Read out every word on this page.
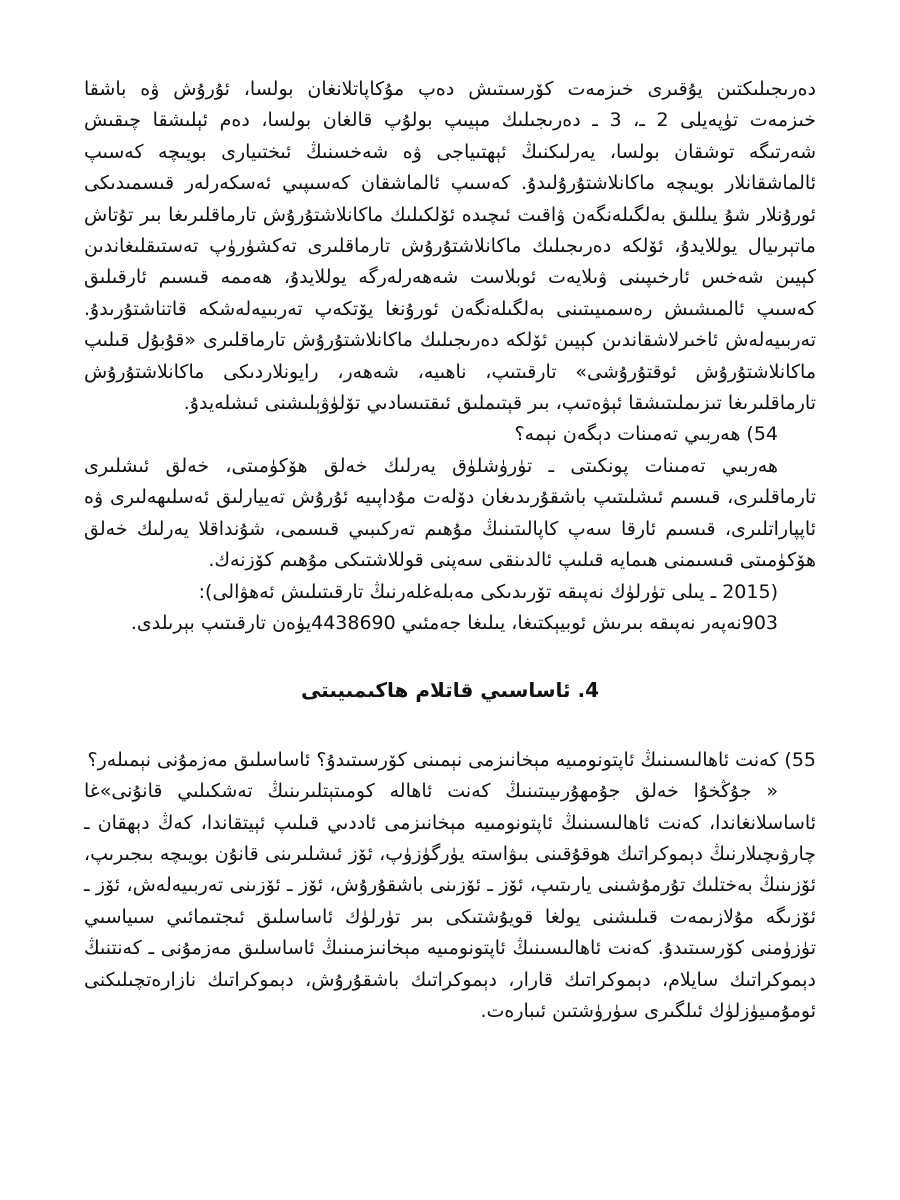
دەرىجىلىكتىن يۇقىرى خىزمەت كۆرسىتىش دەپ مۇكاپاتلانغان بولسا، ئۇرۇش ۋە باشقا خىزمەت تۈپەيلى 2 ـ، 3 ـ دەرىجىلىك مېيىپ بولۇپ قالغان بولسا، دەم ئېلىشقا چىقىش شەرتىگە توشقان بولسا، يەرلىكنىڭ ئېھتىياجى ۋە شەخسنىڭ ئىختىيارى بويىچە كەسىپ ئالماشقانلار بويىچە ماكانلاشتۇرۇلىدۇ. كەسىپ ئالماشقان كەسىپىي ئەسكەرلەر قىسمىدىكى ئورۇنلار شۇ يىللىق بەلگىلەنگەن ۋاقىت ئىچىدە ئۆلكىلىك ماكانلاشتۇرۇش تارماقلىرىغا بىر تۇتاش ماتېرىيال يوللايدۇ، ئۆلكە دەرىجىلىك ماكانلاشتۇرۇش تارماقلىرى تەكشۈرۈپ تەستىقلىغاندىن كېيىن شەخس ئارخىپىنى ۋىلايەت ئوبلاست شەھەرلەرگە يوللايدۇ، ھەممە قىسىم ئارقىلىق كەسىپ ئالمىشىش رەسمىيىتىنى بەلگىلەنگەن ئورۇنغا يۆتكەپ تەربىيەلەشكە قاتناشتۇرىدۇ. تەربىيەلەش ئاخىرلاشقاندىن كېيىن ئۆلكە دەرىجىلىك ماكانلاشتۇرۇش تارماقلىرى «قۇبۇل قىلىپ ماكانلاشتۇرۇش ئوقتۇرۇشى» تارقىتىپ، ناھىيە، شەھەر، رايونلاردىكى ماكانلاشتۇرۇش تارماقلىرىغا تىزىملىتىشقا ئېۋەتىپ، بىر قېتىملىق ئىقتىسادىي تۆلۈۋېلىشنى ئىشلەيدۇ.

54) ھەربىي تەمىنات دېگەن نېمە؟

ھەربىي تەمىنات پونكىتى ـ تۈرۈشلۈق يەرلىك خەلق ھۆكۈمىتى، خەلق ئىشلىرى تارماقلىرى، قىسىم ئىشلىتىپ باشقۇرىدىغان دۆلەت مۇداپىيە ئۇرۇش تەييارلىق ئەسلىھەلىرى ۋە ئاپپاراتلىرى، قىسىم ئارقا سەپ كاپالىتىنىڭ مۇھىم تەركىبىي قىسمى، شۇنداقلا يەرلىك خەلق ھۆكۈمىتى قىسىمنى ھىمايە قىلىپ ئالدىنقى سەپنى قوللاشتىكى مۇھىم كۆزنەك.

(2015 ـ يىلى تۈرلۈك نەپىقە تۆرىدىكى مەبلەغلەرنىڭ تارقىتىلىش ئەھۋالى):

903نەپەر نەپىقە بىرىش ئوبيېكتىغا، يىلىغا جەمئىي 4438690يۈەن تارقىتىپ بېرىلدى.

4. ئاساسىي قاتلام ھاكىمىيىتى

55) كەنت ئاھالىسىنىڭ ئاپتونومىيە مېخانىزمى نېمىنى كۆرسىتىدۇ؟ ئاساسلىق مەزمۇنى نېمىلەر؟

« جۇڭخۇا خەلق جۇمھۇرىيىتىنىڭ كەنت ئاھالە كومىتېتلىرىنىڭ تەشكىلىي قانۇنى»غا ئاساسلانغاندا، كەنت ئاھالىسىنىڭ ئاپتونومىيە مېخانىزمى ئاددىي قىلىپ ئېيتقاندا، كەڭ دېھقان ـ چارۋىچىلارنىڭ دېموكراتىك ھوقۇقىنى بىۋاستە يۈرگۈزۈپ، ئۆز ئىشلىرىنى قانۇن بويىچە بىجىرىپ، ئۆزىنىڭ بەختلىك تۇرمۇشىنى يارىتىپ، ئۆز ـ ئۆزىنى باشقۇرۇش، ئۆز ـ ئۆزىنى تەربىيەلەش، ئۆز ـ ئۆزىگە مۇلازىمەت قىلىشنى يولغا قويۇشتىكى بىر تۈرلۈك ئاساسلىق ئىجتىمائىي سىياسىي تۈزۈمنى كۆرسىتىدۇ. كەنت ئاھالىسىنىڭ ئاپتونومىيە مېخانىزمىنىڭ ئاساسلىق مەزمۇنى ـ كەنتنىڭ دېموكراتىك سايلام، دېموكراتىك قارار، دېموكراتىك باشقۇرۇش، دېموكراتىك نازارەتچىلىكنى ئومۇمىيۈزلۈك ئىلگىرى سۈرۈشتىن ئىبارەت.
